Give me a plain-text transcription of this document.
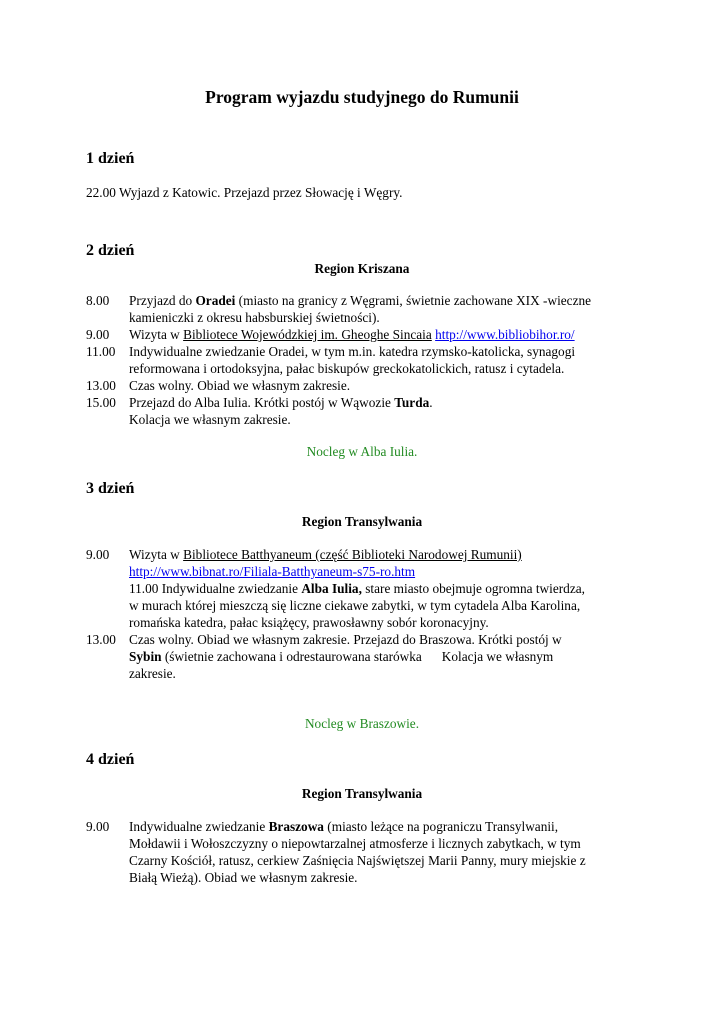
Program wyjazdu studyjnego do Rumunii
1 dzień
22.00 Wyjazd z Katowic. Przejazd przez Słowację i Węgry.
2 dzień
Region Kriszana
8.00 Przyjazd do Oradei (miasto na granicy z Węgrami, świetnie zachowane XIX -wieczne
kamieniczki z okresu habsburskiej świetności).
9.00 Wizyta w Bibliotece Wojewódzkiej im. Gheoghe Sincaia http://www.bibliobihor.ro/
11.00 Indywidualne zwiedzanie Oradei, w tym m.in. katedra rzymsko-katolicka, synagogi
reformowana i ortodoksyjna, pałac biskupów greckokatolickich, ratusz i cytadela.
13.00 Czas wolny. Obiad we własnym zakresie.
15.00 Przejazd do Alba Iulia. Krótki postój w Wąwozie Turda.
Kolacja we własnym zakresie.
Nocleg w Alba Iulia.
3 dzień
Region Transylwania
9.00 Wizyta w Bibliotece Batthyaneum (część Biblioteki Narodowej Rumunii)
http://www.bibnat.ro/Filiala-Batthyaneum-s75-ro.htm
11.00 Indywidualne zwiedzanie Alba Iulia, stare miasto obejmuje ogromna twierdza,
w murach której mieszczą się liczne ciekawe zabytki, w tym cytadela Alba Karolina,
romańska katedra, pałac książęcy, prawosławny sobór koronacyjny.
13.00 Czas wolny. Obiad we własnym zakresie. Przejazd do Braszowa. Krótki postój w
Sybin (świetnie zachowana i odrestaurowana starówka      Kolacja we własnym
zakresie.
Nocleg w Braszowie.
4 dzień
Region Transylwania
9.00 Indywidualne zwiedzanie Braszowa (miasto leżące na pograniczu Transylwanii,
Mołdawii i Wołoszczyzny o niepowtarzalnej atmosferze i licznych zabytkach, w tym
Czarny Kościół, ratusz, cerkiew Zaśnięcia Najświętszej Marii Panny, mury miejskie z
Białą Wieżą). Obiad we własnym zakresie.
